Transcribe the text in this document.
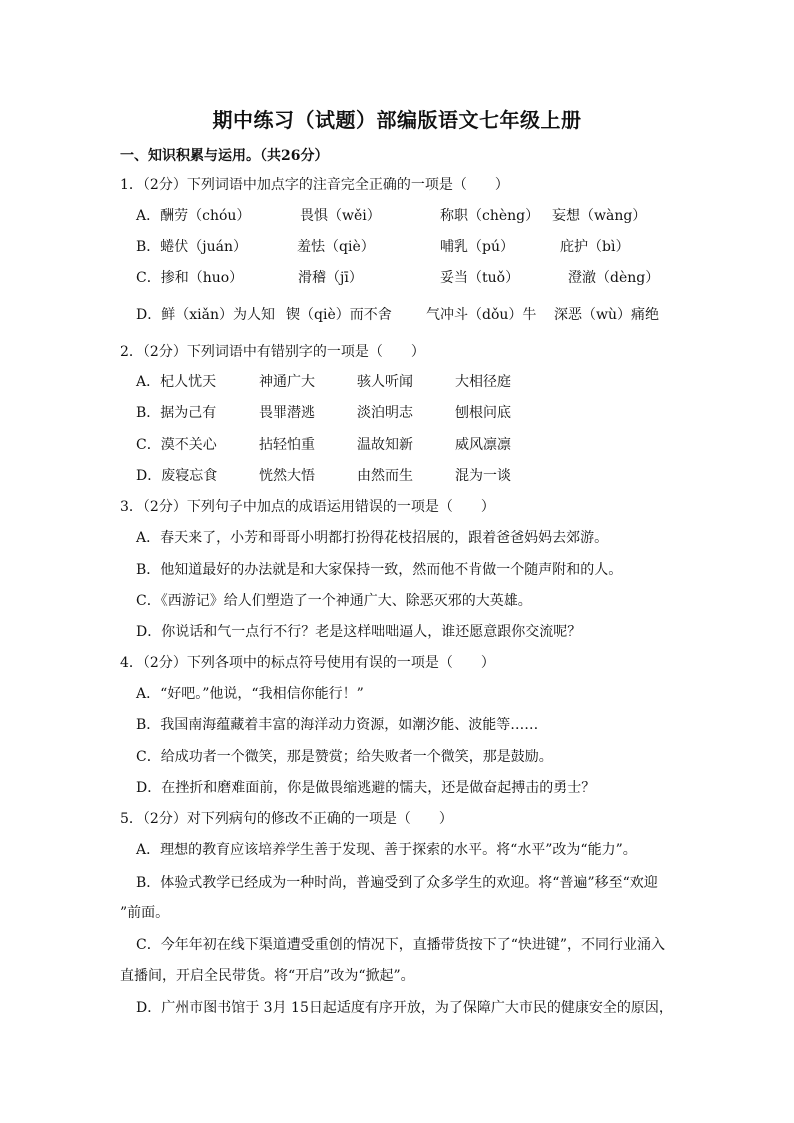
期中练习（试题）部编版语文七年级上册
一、知识积累与运用。（共26分）
1．（2分）下列词语中加点字的注音完全正确的一项是（　　）
A．酬劳（chóu）	畏惧（wěi）	称职（chèng） 妄想（wàng）
B．蜷伏（juán）	羞怯（qiè）	哺乳（pú）	庇护（bì）
C．掺和（huo）	滑稽（jī）	妥当（tuǒ）	澄澈（dèng）
D．鲜（xiǎn）为人知 锲（qiè）而不舍 气冲斗（dǒu）牛 深恶（wù）痛绝
2．（2分）下列词语中有错别字的一项是（　　）
A．杞人忧天	神通广大	骇人听闻	大相径庭
B．据为己有	畏罪潜逃	淡泊明志	刨根问底
C．漠不关心	拈轻怕重	温故知新	威风凛凛
D．废寝忘食	恍然大悟	由然而生	混为一谈
3．（2分）下列句子中加点的成语运用错误的一项是（　　）
A．春天来了，小芳和哥哥小明都打扮得花枝招展的，跟着爸爸妈妈去郊游。
B．他知道最好的办法就是和大家保持一致，然而他不肯做一个随声附和的人。
C．《西游记》给人们塑造了一个神通广大、除恶灭邪的大英雄。
D．你说话和气一点行不行？老是这样咄咄逼人，谁还愿意跟你交流呢？
4．（2分）下列各项中的标点符号使用有误的一项是（　　）
A．“好吧。”他说，“我相信你能行！”
B．我国南海蕴藏着丰富的海洋动力资源，如潮汐能、波能等……
C．给成功者一个微笑，那是赞赏；给失败者一个微笑，那是鼓励。
D．在挫折和磨难面前，你是做畏缩逃避的懦夫，还是做奋起搏击的勇士？
5．（2分）对下列病句的修改不正确的一项是（　　）
A．理想的教育应该培养学生善于发现、善于探索的水平。将“水平”改为“能力”。
B．体验式教学已经成为一种时尚，普遍受到了众多学生的欢迎。将“普遍”移至“欢迎
”前面。
C．今年年初在线下渠道遭受重创的情况下，直播带货按下了“快进键”，不同行业涌入
直播间，开启全民带货。将“开启”改为“掀起”。
D．广州市图书馆于 3月 15日起适度有序开放，为了保障广大市民的健康安全的原因，
